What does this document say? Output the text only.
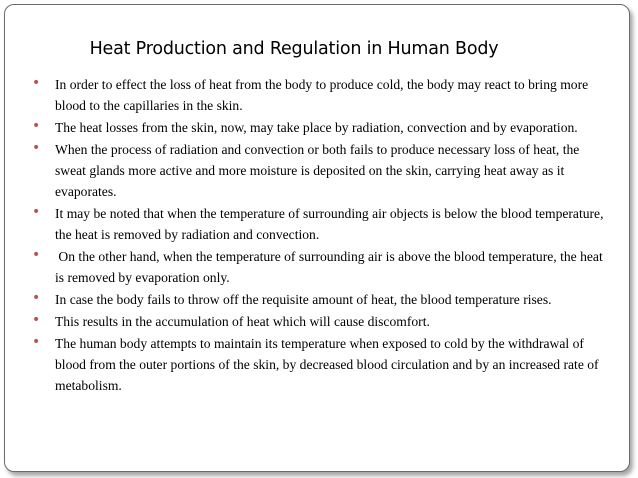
Heat Production and Regulation in Human Body
• In order to effect the loss of heat from the body to produce cold, the body may react to bring more blood to the capillaries in the skin.
• The heat losses from the skin, now, may take place by radiation, convection and by evaporation.
• When the process of radiation and convection or both fails to produce necessary loss of heat, the sweat glands more active and more moisture is deposited on the skin, carrying heat away as it evaporates.
• It may be noted that when the temperature of surrounding air objects is below the blood temperature, the heat is removed by radiation and convection.
• On the other hand, when the temperature of surrounding air is above the blood temperature, the heat is removed by evaporation only.
• In case the body fails to throw off the requisite amount of heat, the blood temperature rises.
• This results in the accumulation of heat which will cause discomfort.
• The human body attempts to maintain its temperature when exposed to cold by the withdrawal of blood from the outer portions of the skin, by decreased blood circulation and by an increased rate of metabolism.
